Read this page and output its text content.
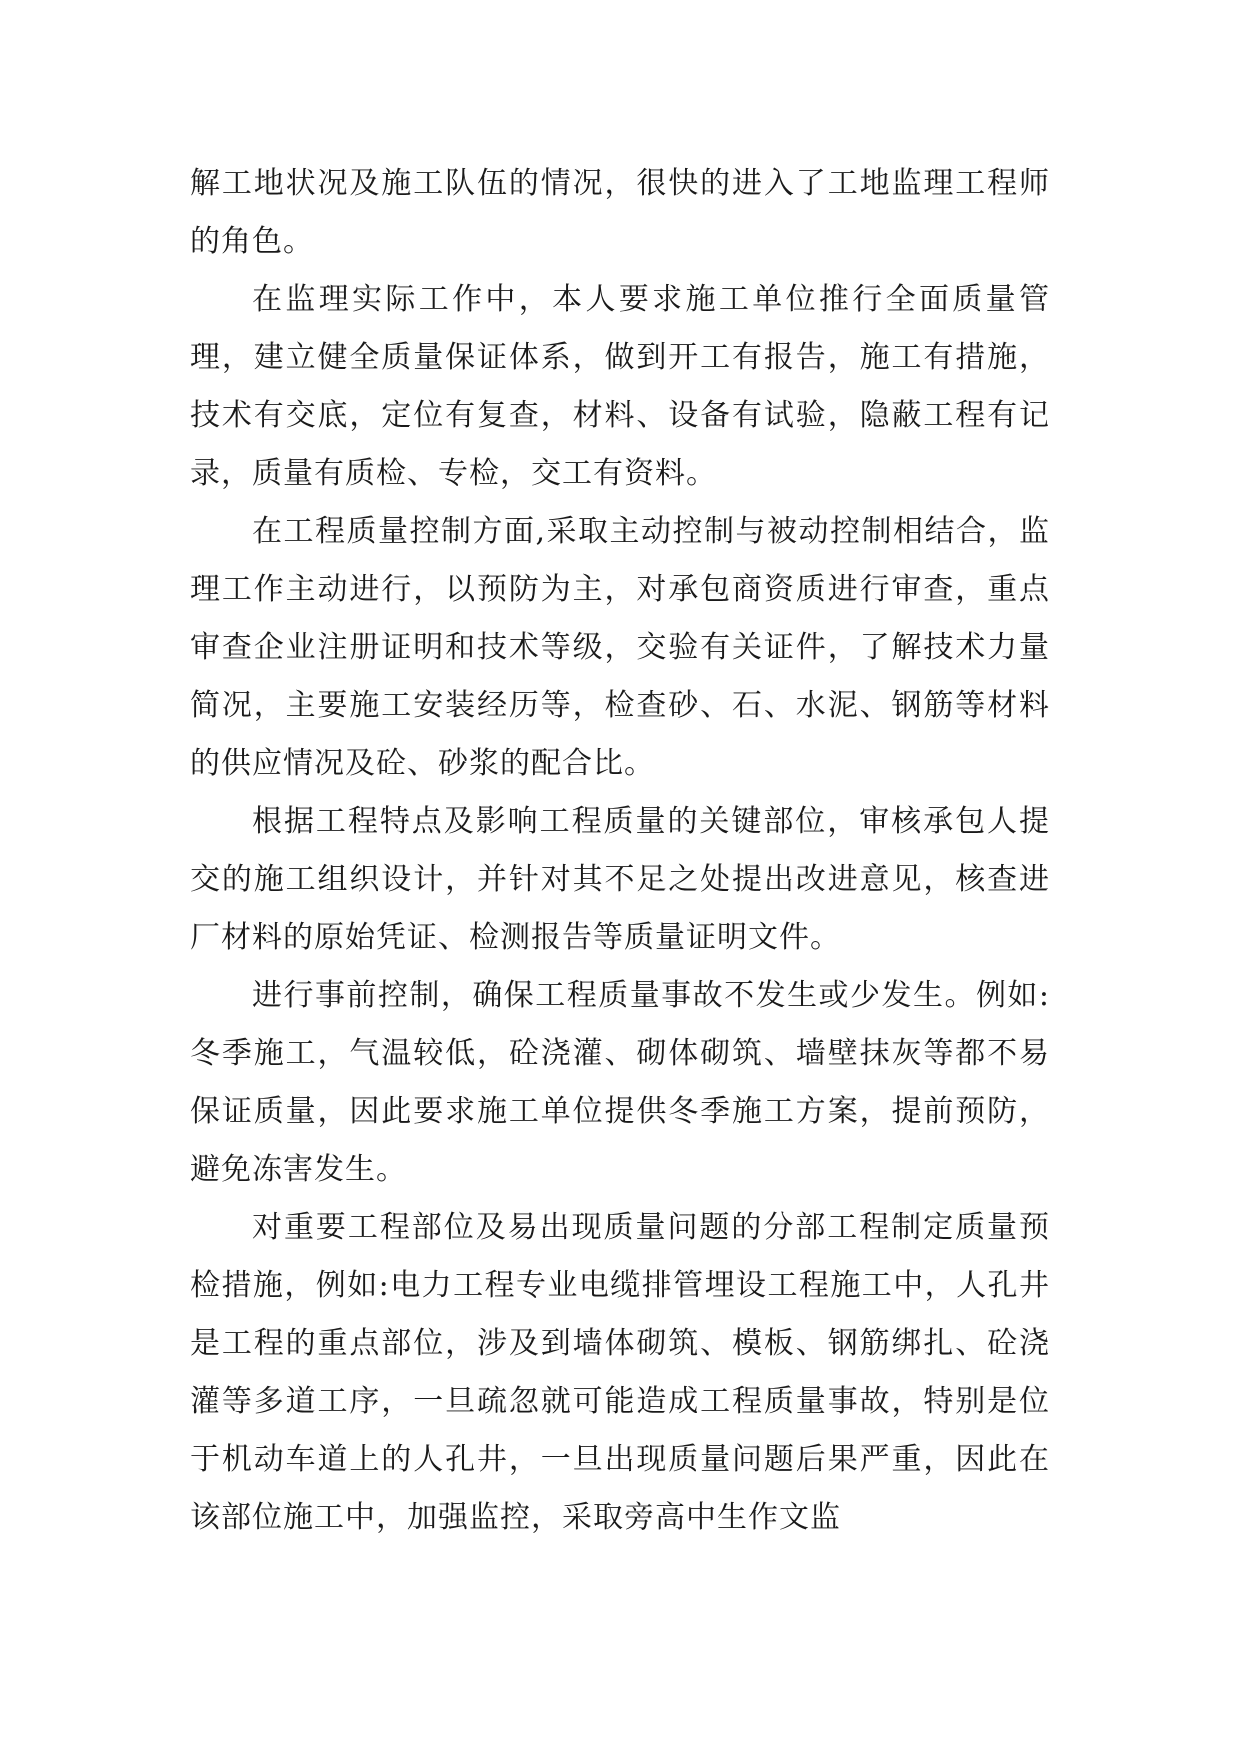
解工地状况及施工队伍的情况，很快的进入了工地监理工程师的角色。

在监理实际工作中，本人要求施工单位推行全面质量管理，建立健全质量保证体系，做到开工有报告，施工有措施，技术有交底，定位有复查，材料、设备有试验，隐蔽工程有记录，质量有质检、专检，交工有资料。

在工程质量控制方面,采取主动控制与被动控制相结合，监理工作主动进行，以预防为主，对承包商资质进行审查，重点审查企业注册证明和技术等级，交验有关证件，了解技术力量简况，主要施工安装经历等，检查砂、石、水泥、钢筋等材料的供应情况及砼、砂浆的配合比。

根据工程特点及影响工程质量的关键部位，审核承包人提交的施工组织设计，并针对其不足之处提出改进意见，核查进厂材料的原始凭证、检测报告等质量证明文件。

进行事前控制，确保工程质量事故不发生或少发生。例如:冬季施工，气温较低，砼浇灌、砌体砌筑、墙壁抹灰等都不易保证质量，因此要求施工单位提供冬季施工方案，提前预防，避免冻害发生。

对重要工程部位及易出现质量问题的分部工程制定质量预检措施，例如:电力工程专业电缆排管埋设工程施工中，人孔井是工程的重点部位，涉及到墙体砌筑、模板、钢筋绑扎、砼浇灌等多道工序，一旦疏忽就可能造成工程质量事故，特别是位于机动车道上的人孔井，一旦出现质量问题后果严重，因此在该部位施工中，加强监控，采取旁高中生作文监
